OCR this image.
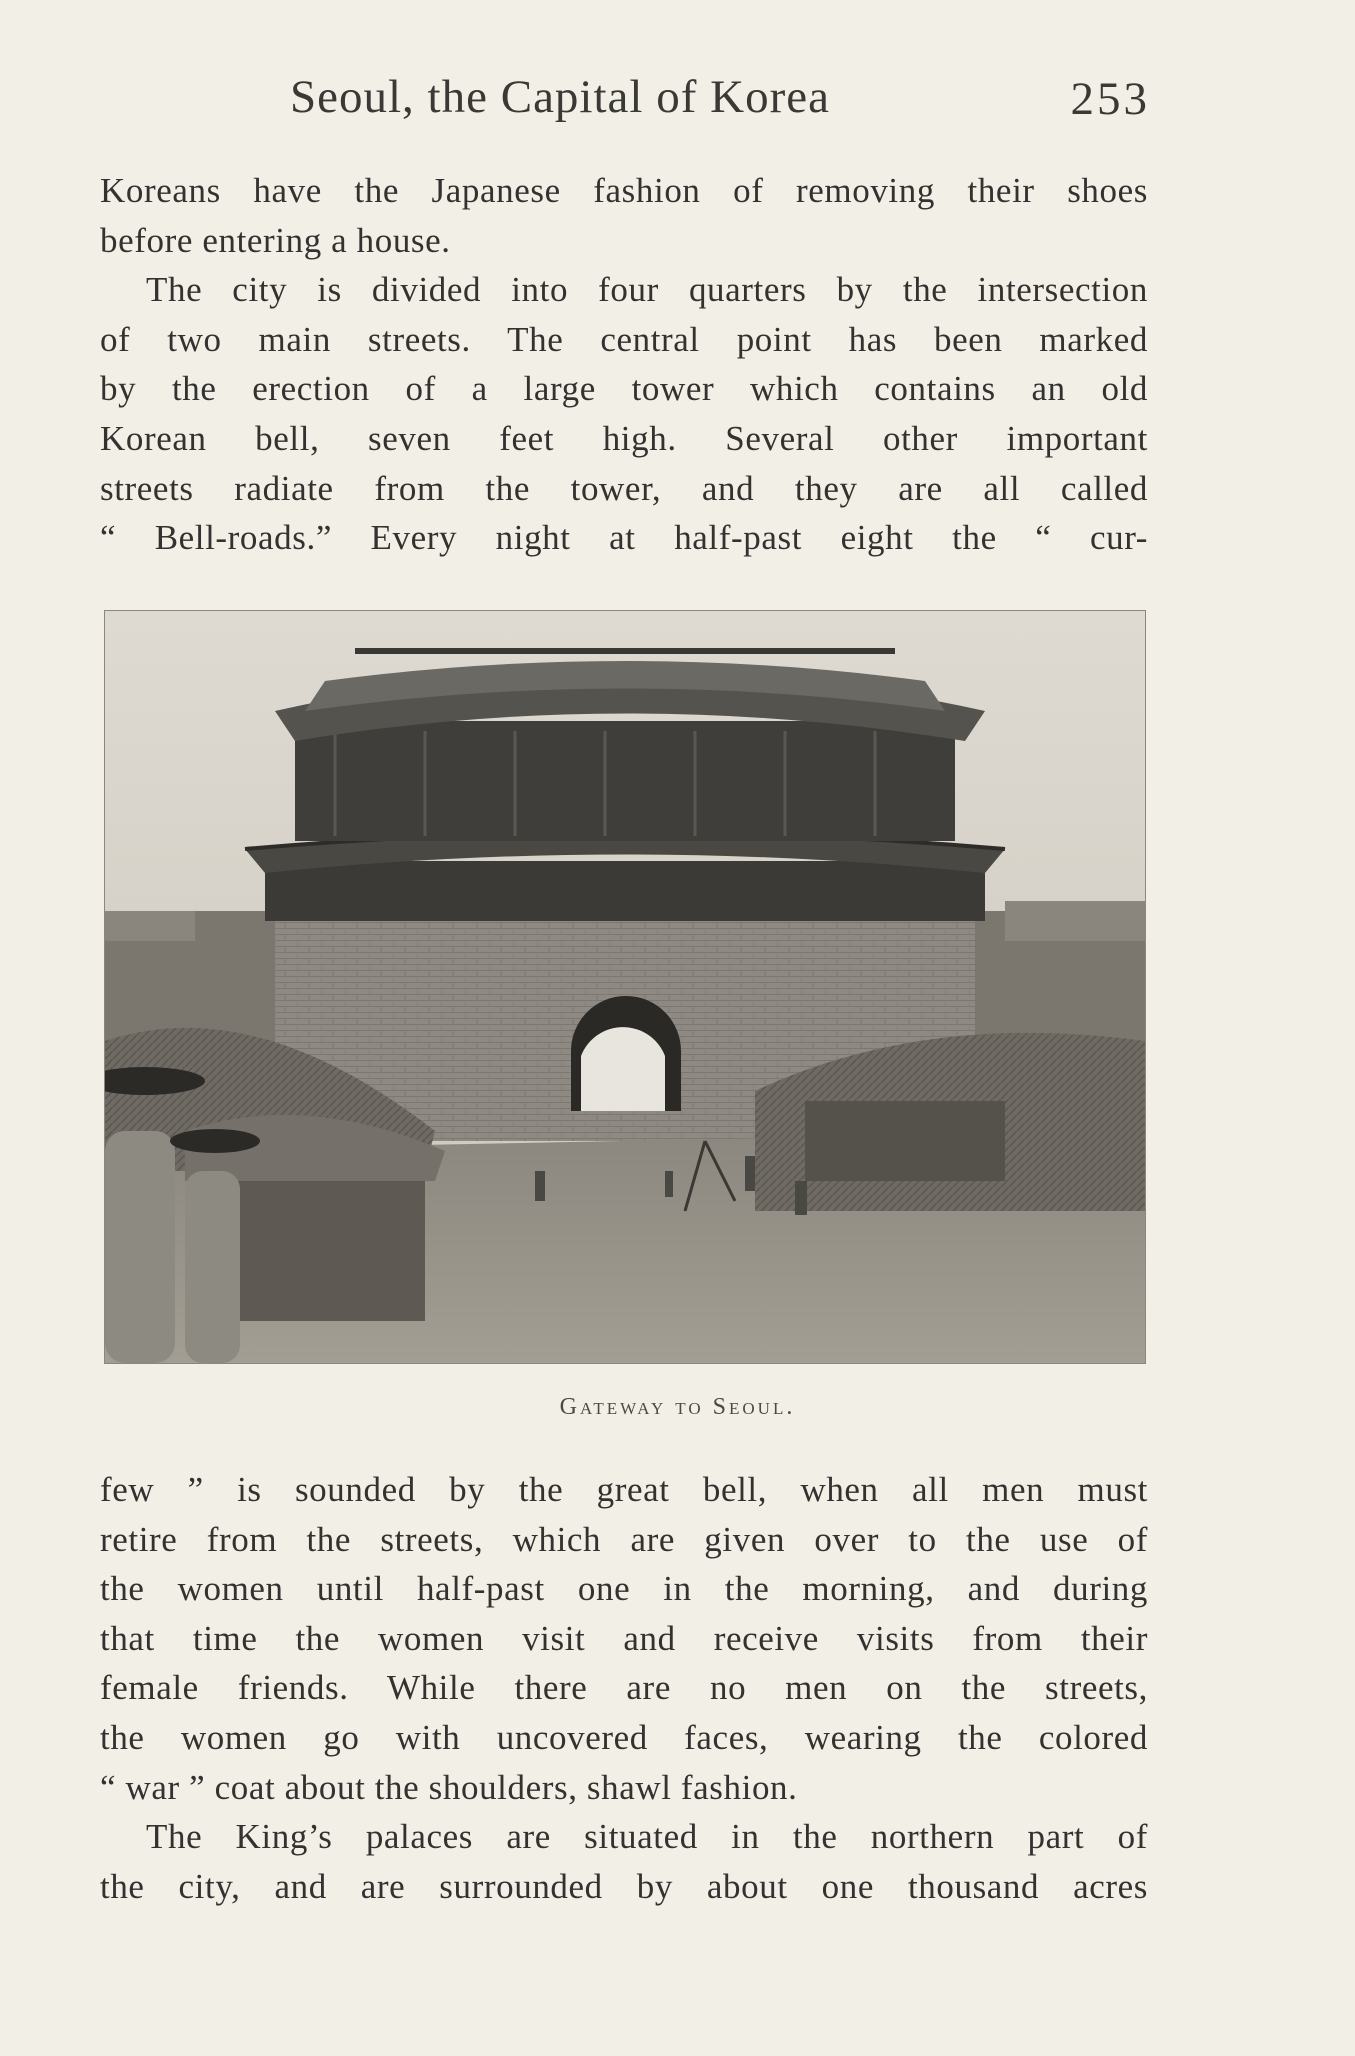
Seoul, the Capital of Korea	253
Koreans have the Japanese fashion of removing their shoes
before entering a house.
The city is divided into four quarters by the intersection
of two main streets. The central point has been marked
by the erection of a large tower which contains an old
Korean bell, seven feet high. Several other important
streets radiate from the tower, and they are all called
“ Bell-roads.” Every night at half-past eight the “ cur-
Gateway to Seoul.
few ” is sounded by the great bell, when all men must
retire from the streets, which are given over to the use of
the women until half-past one in the morning, and during
that time the women visit and receive visits from their
female friends. While there are no men on the streets,
the women go with uncovered faces, wearing the colored
“ war ” coat about the shoulders, shawl fashion.
The King’s palaces are situated in the northern part of
the city, and are surrounded by about one thousand acres
